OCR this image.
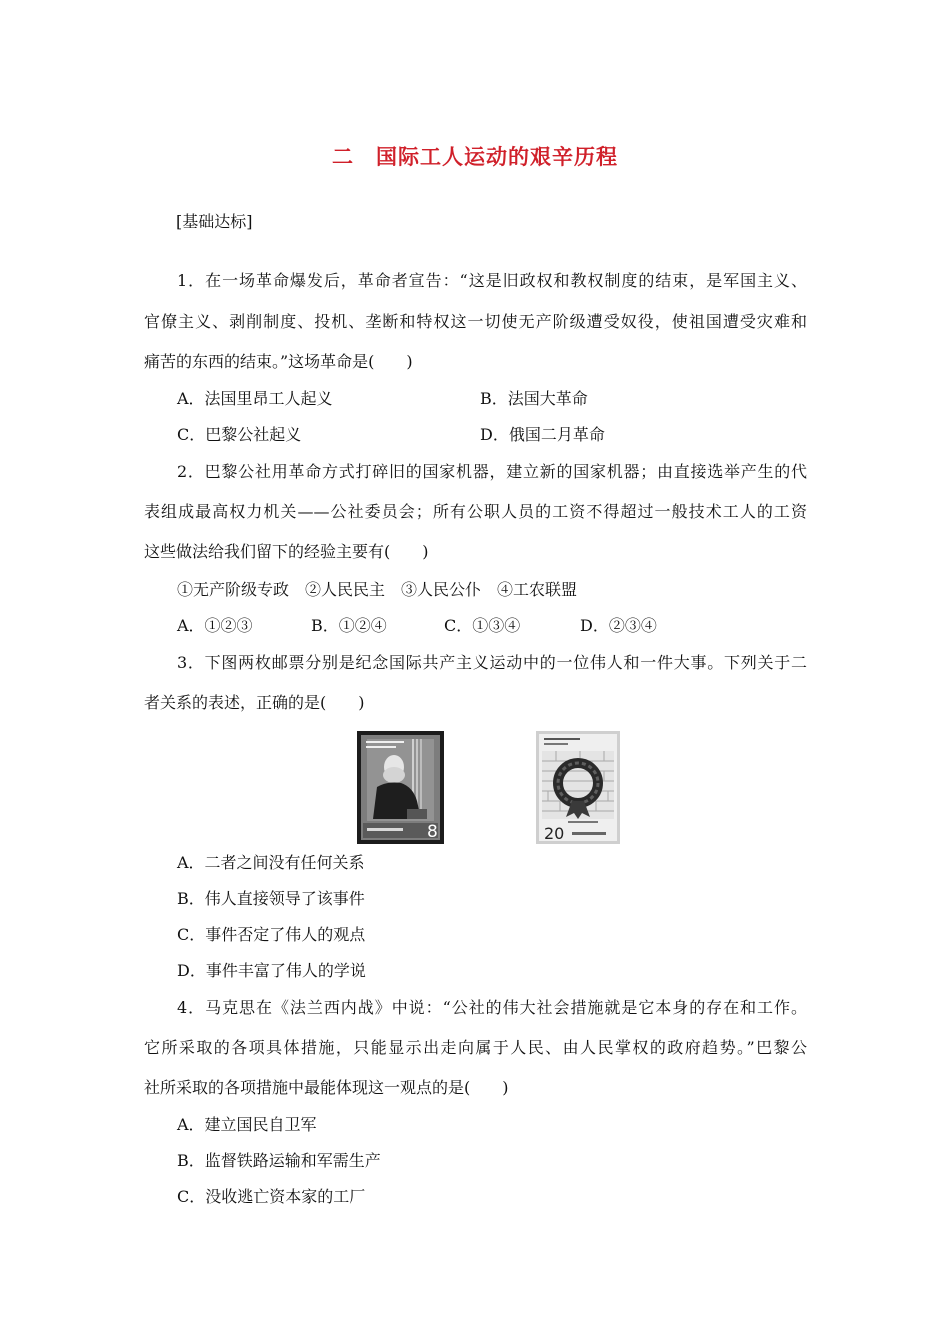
二 国际工人运动的艰辛历程
[基础达标]
1．在一场革命爆发后，革命者宣告：“这是旧政权和教权制度的结束，是军国主义、
官僚主义、剥削制度、投机、垄断和特权这一切使无产阶级遭受奴役，使祖国遭受灾难和
痛苦的东西的结束。”这场革命是(　　)
A．法国里昂工人起义	B．法国大革命
C．巴黎公社起义	D．俄国二月革命
2．巴黎公社用革命方式打碎旧的国家机器，建立新的国家机器；由直接选举产生的代
表组成最高权力机关——公社委员会；所有公职人员的工资不得超过一般技术工人的工资
这些做法给我们留下的经验主要有(　　)
①无产阶级专政　②人民民主　③人民公仆　④工农联盟
A．①②③	B．①②④	C．①③④	D．②③④
3．下图两枚邮票分别是纪念国际共产主义运动中的一位伟人和一件大事。下列关于二
者关系的表述，正确的是(　　)
8	20
A．二者之间没有任何关系
B．伟人直接领导了该事件
C．事件否定了伟人的观点
D．事件丰富了伟人的学说
4．马克思在《法兰西内战》中说：“公社的伟大社会措施就是它本身的存在和工作。
它所采取的各项具体措施，只能显示出走向属于人民、由人民掌权的政府趋势。”巴黎公
社所采取的各项措施中最能体现这一观点的是(　　)
A．建立国民自卫军
B．监督铁路运输和军需生产
C．没收逃亡资本家的工厂
